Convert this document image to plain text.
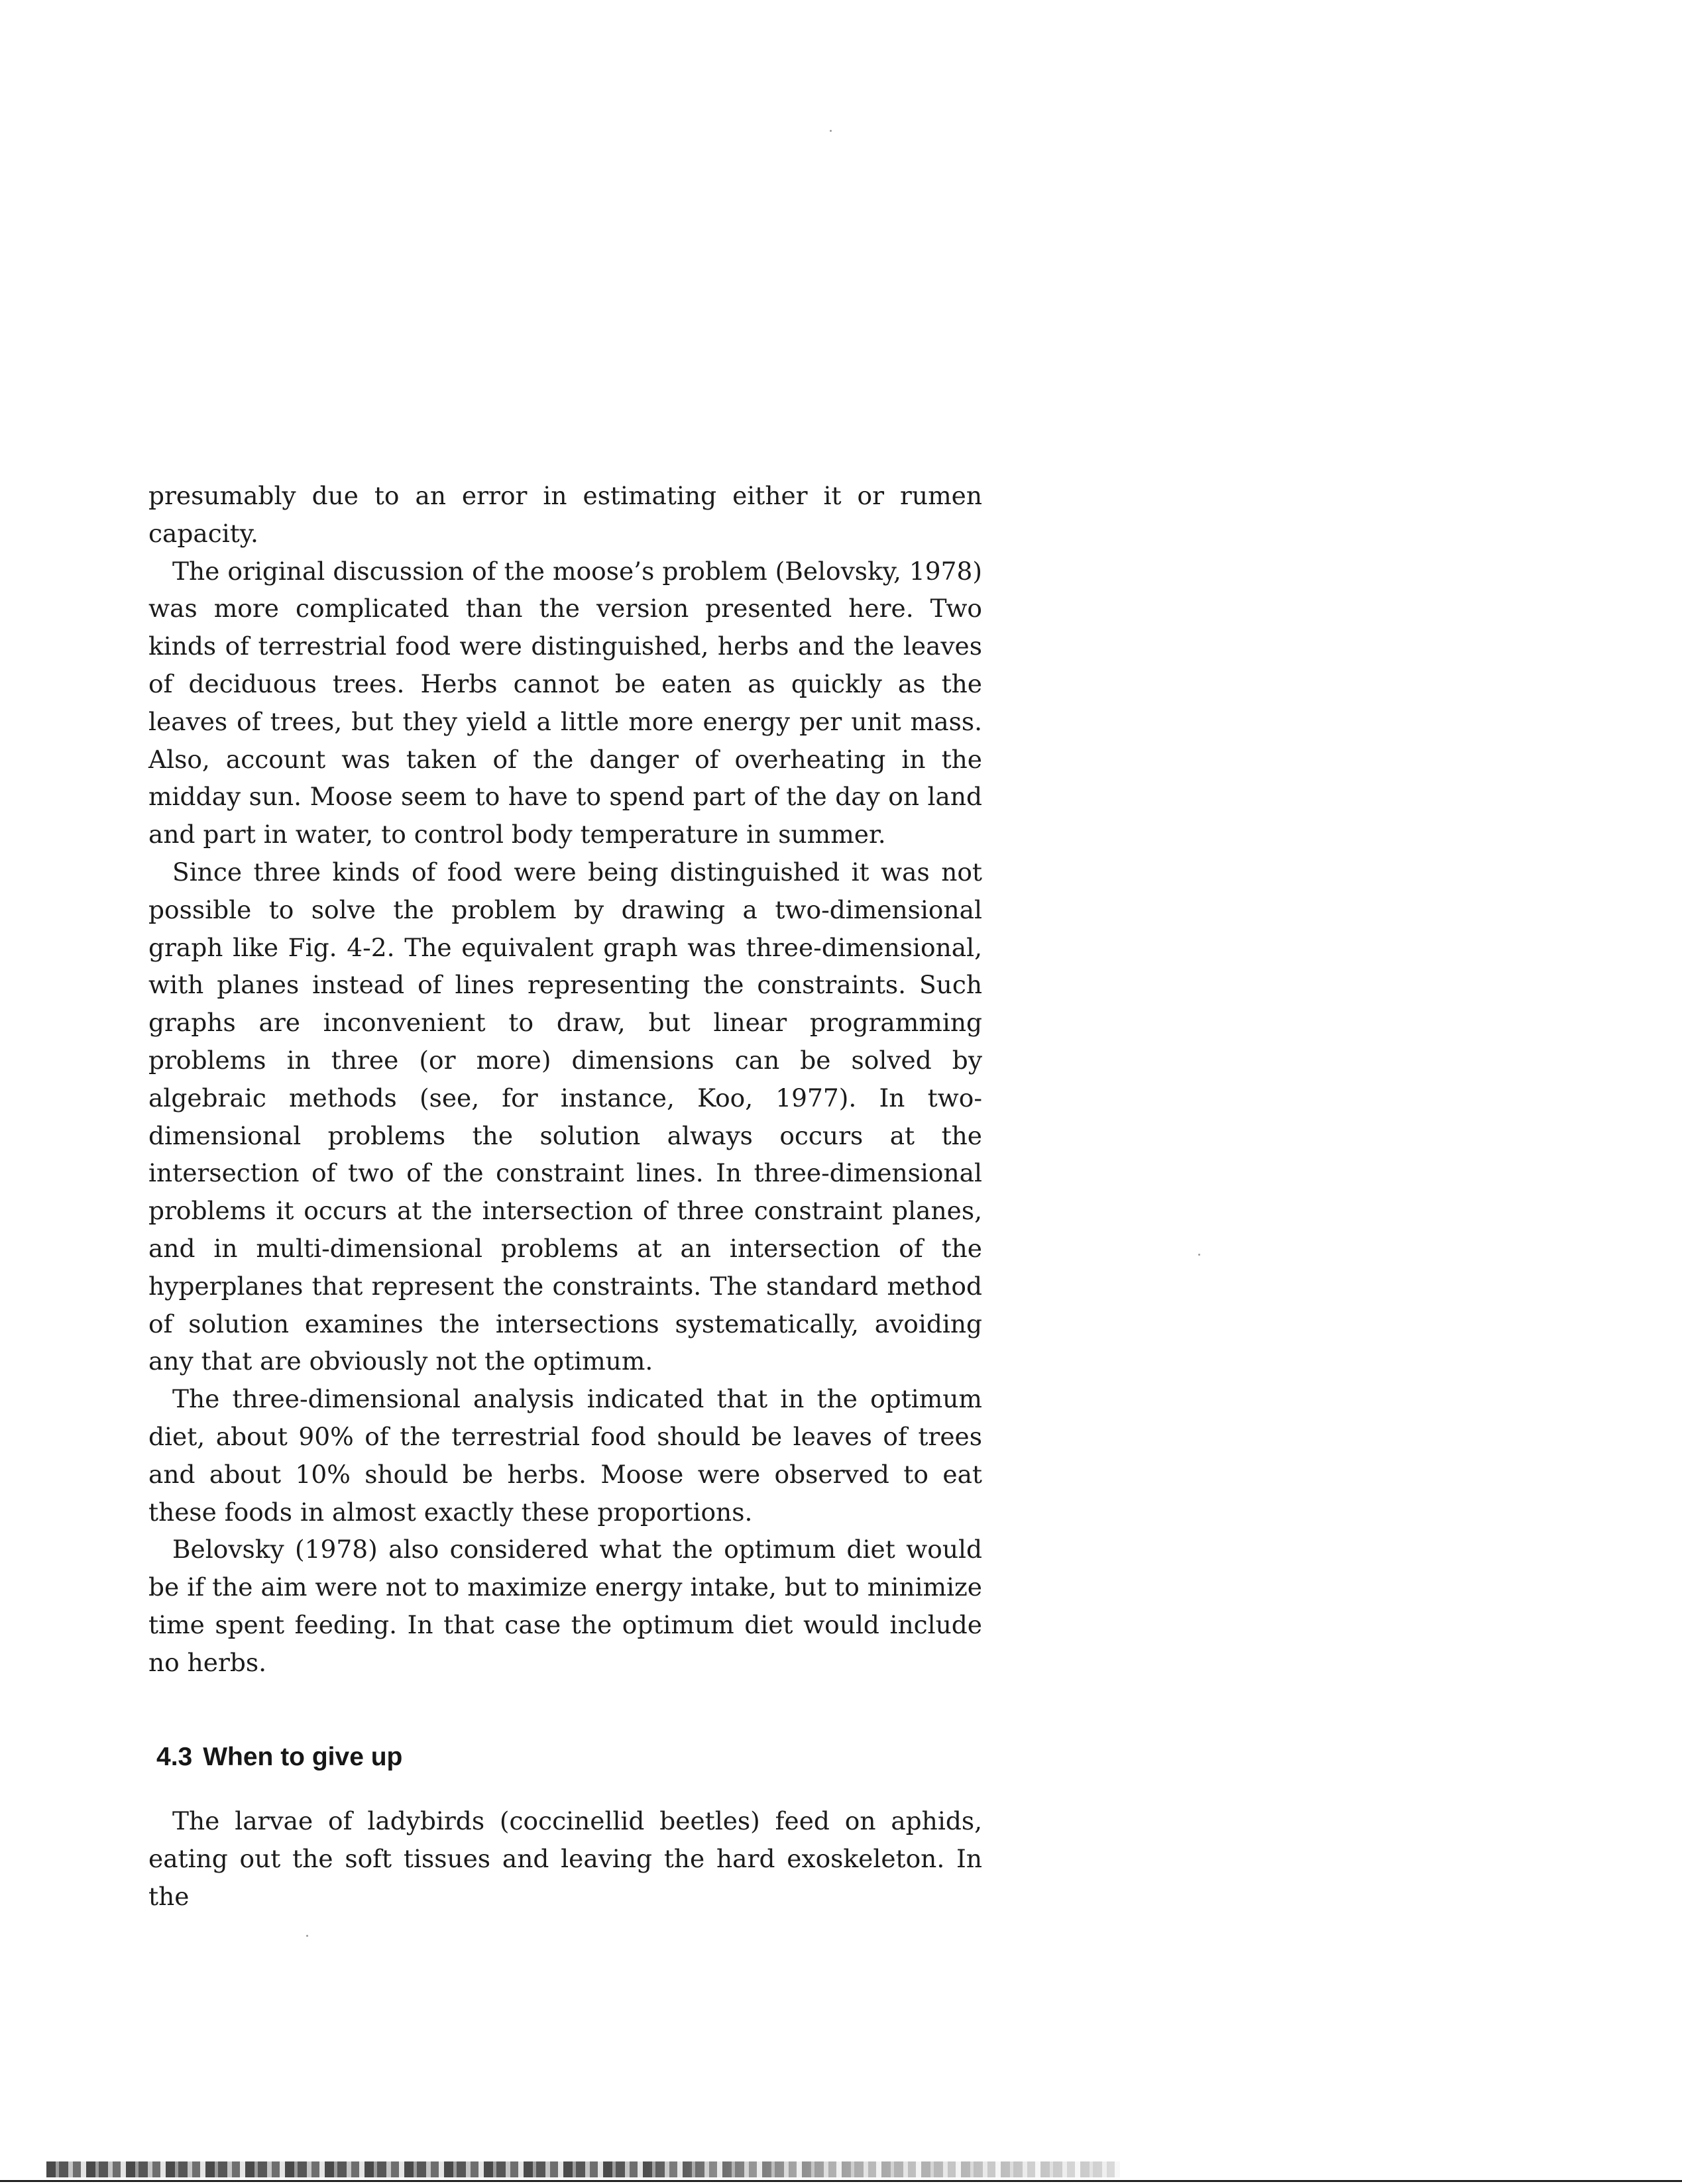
presumably due to an error in estimating either it or rumen capacity.

The original discussion of the moose’s problem (Belovsky, 1978) was more complicated than the version presented here. Two kinds of terrestrial food were distinguished, herbs and the leaves of deciduous trees. Herbs cannot be eaten as quickly as the leaves of trees, but they yield a little more energy per unit mass. Also, account was taken of the danger of overheating in the midday sun. Moose seem to have to spend part of the day on land and part in water, to control body temperature in summer.

Since three kinds of food were being distinguished it was not possible to solve the problem by drawing a two-dimensional graph like Fig. 4-2. The equivalent graph was three-dimensional, with planes instead of lines representing the constraints. Such graphs are inconvenient to draw, but linear programming problems in three (or more) dimensions can be solved by algebraic methods (see, for instance, Koo, 1977). In two-dimensional problems the solution always occurs at the intersection of two of the constraint lines. In three-dimensional problems it occurs at the intersection of three constraint planes, and in multi-dimensional problems at an intersection of the hyperplanes that represent the constraints. The standard method of solution examines the intersections systematically, avoiding any that are obviously not the optimum.

The three-dimensional analysis indicated that in the optimum diet, about 90% of the terrestrial food should be leaves of trees and about 10% should be herbs. Moose were observed to eat these foods in almost exactly these proportions.

Belovsky (1978) also considered what the optimum diet would be if the aim were not to maximize energy intake, but to minimize time spent feeding. In that case the optimum diet would include no herbs.

4.3 When to give up

The larvae of ladybirds (coccinellid beetles) feed on aphids, eating out the soft tissues and leaving the hard exoskeleton. In the
